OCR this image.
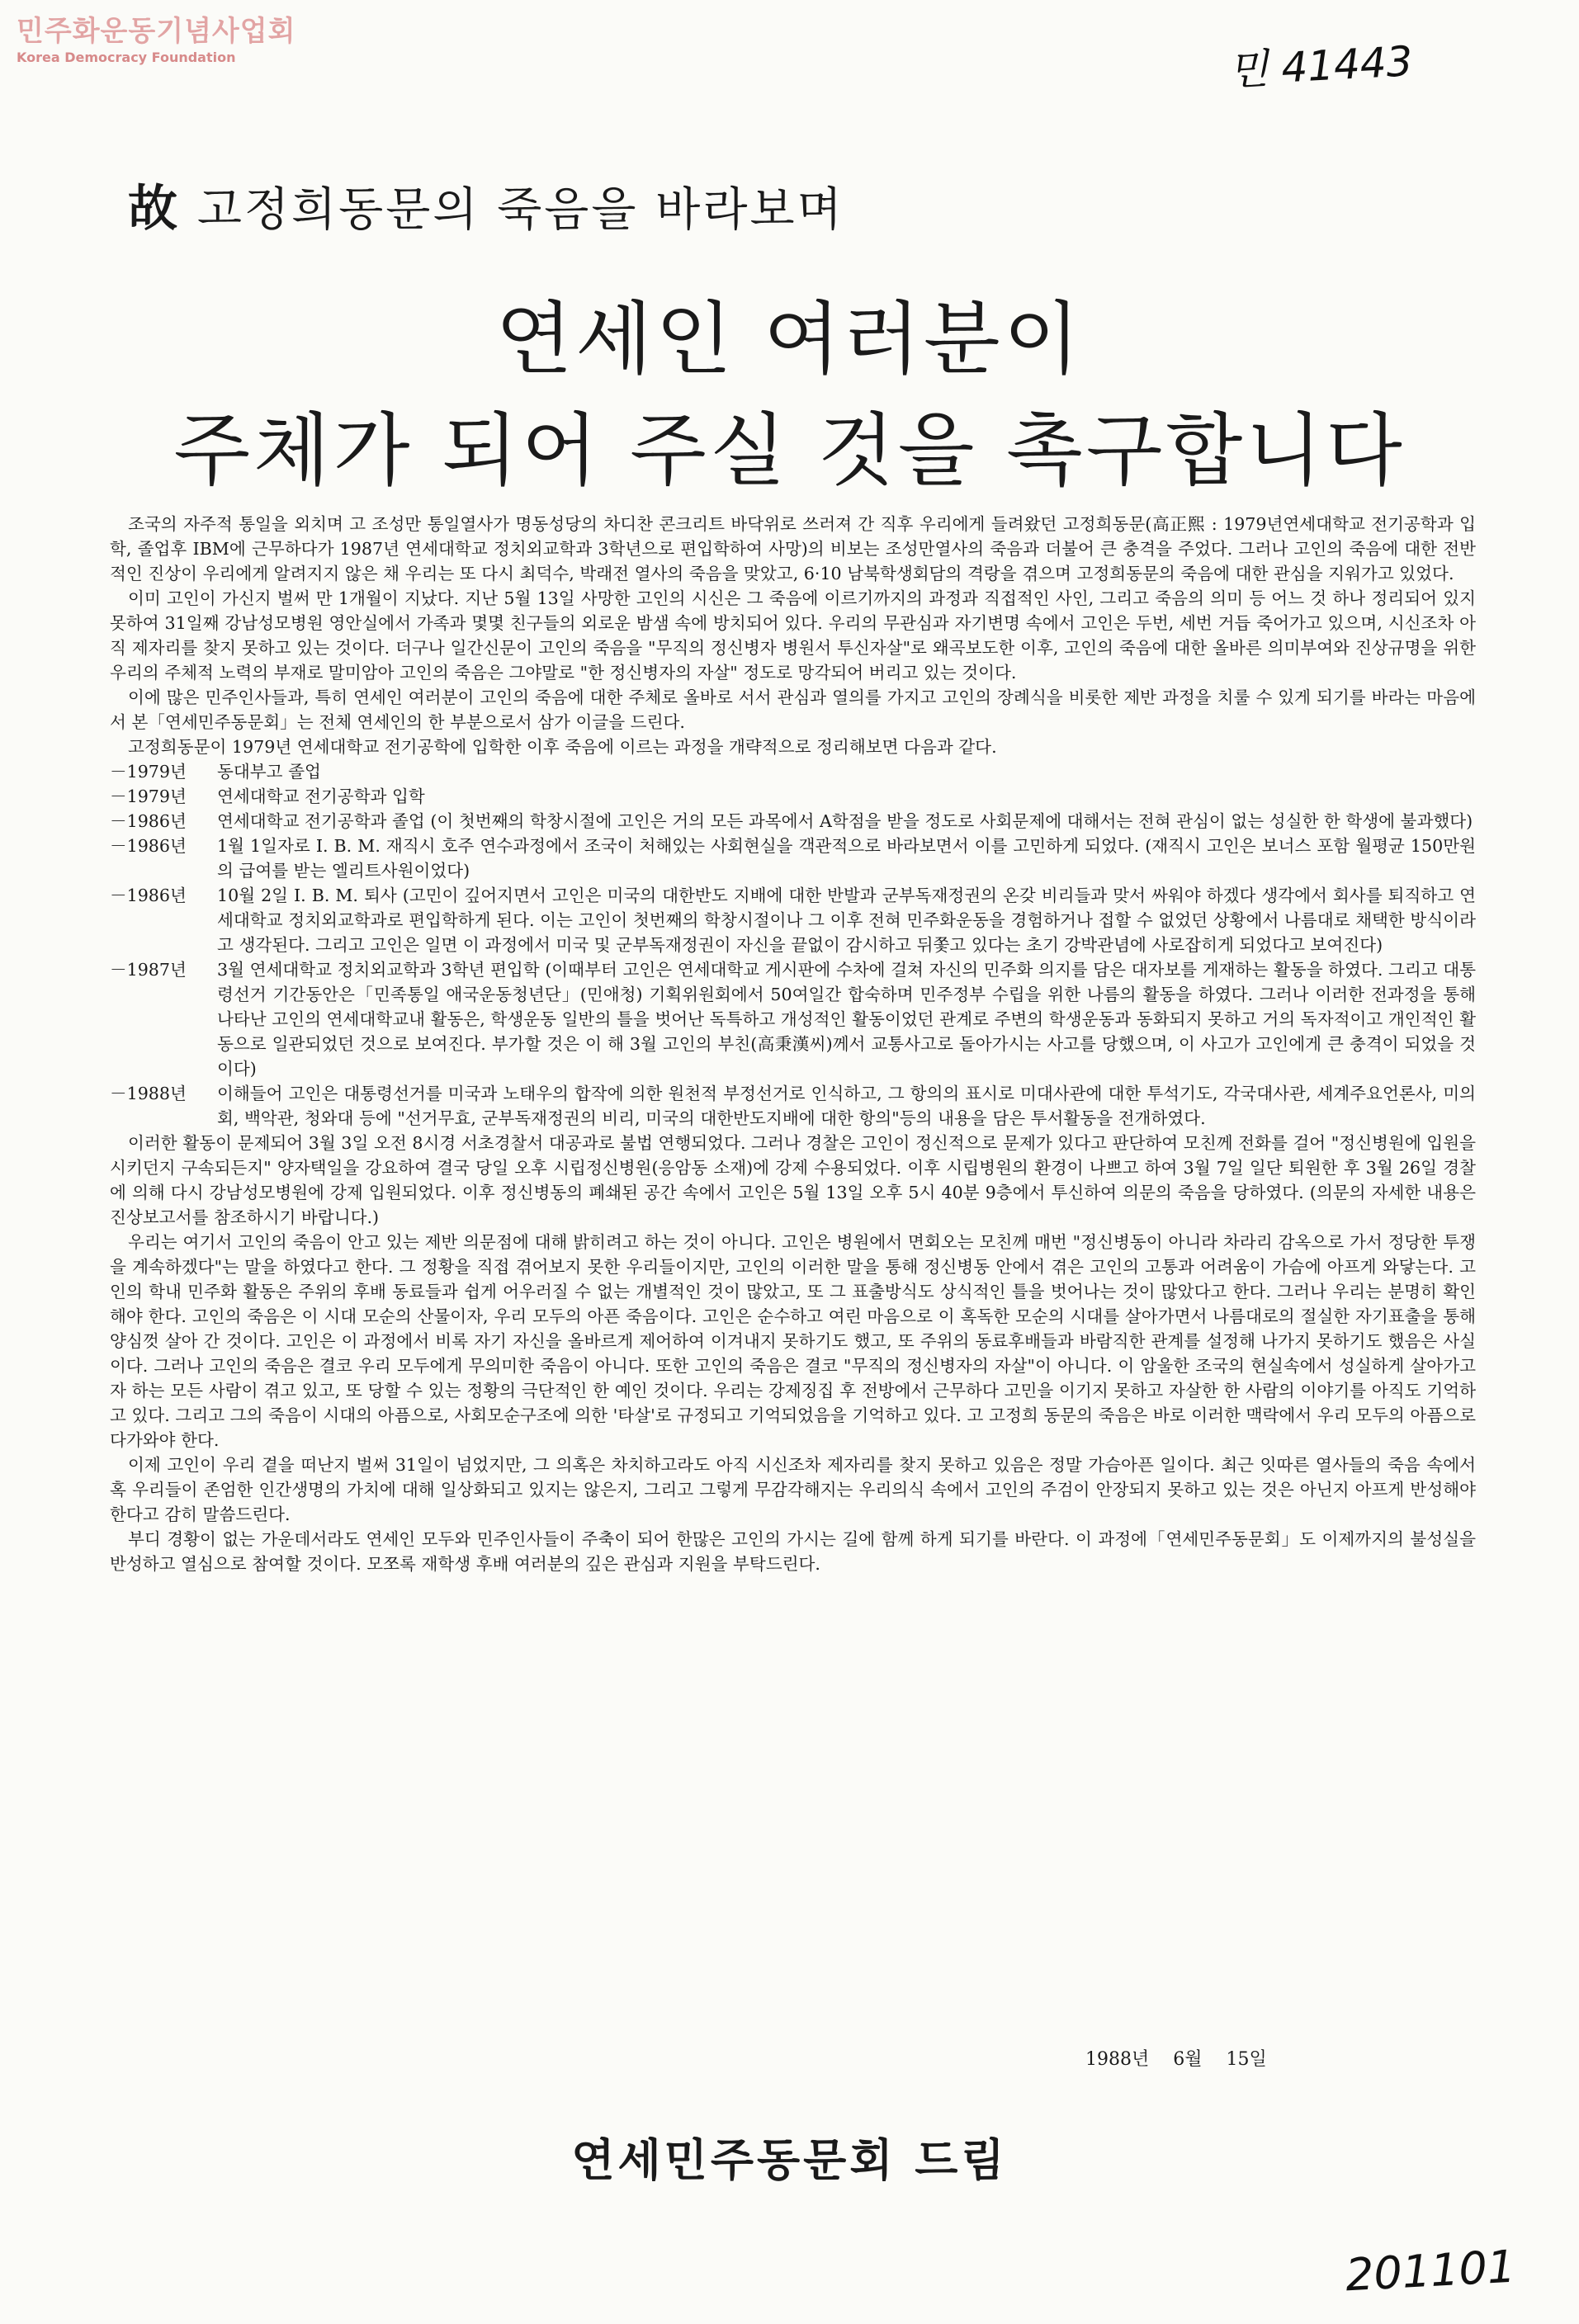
민주화운동기념사업회
Korea Democracy Foundation	민 41443
故 고정희동문의 죽음을 바라보며
연세인 여러분이
주체가 되어 주실 것을 촉구합니다

조국의 자주적 통일을 외치며 고 조성만 통일열사가 명동성당의 차디찬 콘크리트 바닥위로 쓰러져 간 직후 우리에게 들려왔던 고정희동문(高正熙 : 1979년연세대학교 전기공학과 입학, 졸업후 IBM에 근무하다가 1987년 연세대학교 정치외교학과 3학년으로 편입학하여 사망)의 비보는 조성만열사의 죽음과 더불어 큰 충격을 주었다. 그러나 고인의 죽음에 대한 전반적인 진상이 우리에게 알려지지 않은 채 우리는 또 다시 최덕수, 박래전 열사의 죽음을 맞았고, 6·10 남북학생회담의 격랑을 겪으며 고정희동문의 죽음에 대한 관심을 지워가고 있었다.

이미 고인이 가신지 벌써 만 1개월이 지났다. 지난 5월 13일 사망한 고인의 시신은 그 죽음에 이르기까지의 과정과 직접적인 사인, 그리고 죽음의 의미 등 어느 것 하나 정리되어 있지 못하여 31일째 강남성모병원 영안실에서 가족과 몇몇 친구들의 외로운 밤샘 속에 방치되어 있다. 우리의 무관심과 자기변명 속에서 고인은 두번, 세번 거듭 죽어가고 있으며, 시신조차 아직 제자리를 찾지 못하고 있는 것이다. 더구나 일간신문이 고인의 죽음을 "무직의 정신병자 병원서 투신자살"로 왜곡보도한 이후, 고인의 죽음에 대한 올바른 의미부여와 진상규명을 위한 우리의 주체적 노력의 부재로 말미암아 고인의 죽음은 그야말로 "한 정신병자의 자살" 정도로 망각되어 버리고 있는 것이다.

이에 많은 민주인사들과, 특히 연세인 여러분이 고인의 죽음에 대한 주체로 올바로 서서 관심과 열의를 가지고 고인의 장례식을 비롯한 제반 과정을 치룰 수 있게 되기를 바라는 마음에서 본「연세민주동문회」는 전체 연세인의 한 부분으로서 삼가 이글을 드린다.

고정희동문이 1979년 연세대학교 전기공학에 입학한 이후 죽음에 이르는 과정을 개략적으로 정리해보면 다음과 같다.

－1979년	동대부고 졸업
－1979년	연세대학교 전기공학과 입학
－1986년	연세대학교 전기공학과 졸업 (이 첫번째의 학창시절에 고인은 거의 모든 과목에서 A학점을 받을 정도로 사회문제에 대해서는 전혀 관심이 없는 성실한 한 학생에 불과했다)
－1986년	1월 1일자로 I. B. M. 재직시 호주 연수과정에서 조국이 처해있는 사회현실을 객관적으로 바라보면서 이를 고민하게 되었다. (재직시 고인은 보너스 포함 월평균 150만원의 급여를 받는 엘리트사원이었다)
－1986년	10월 2일 I. B. M. 퇴사 (고민이 깊어지면서 고인은 미국의 대한반도 지배에 대한 반발과 군부독재정권의 온갖 비리들과 맞서 싸워야 하겠다 생각에서 회사를 퇴직하고 연세대학교 정치외교학과로 편입학하게 된다. 이는 고인이 첫번째의 학창시절이나 그 이후 전혀 민주화운동을 경험하거나 접할 수 없었던 상황에서 나름대로 채택한 방식이라고 생각된다. 그리고 고인은 일면 이 과정에서 미국 및 군부독재정권이 자신을 끝없이 감시하고 뒤쫓고 있다는 초기 강박관념에 사로잡히게 되었다고 보여진다)
－1987년	3월 연세대학교 정치외교학과 3학년 편입학 (이때부터 고인은 연세대학교 게시판에 수차에 걸쳐 자신의 민주화 의지를 담은 대자보를 게재하는 활동을 하였다. 그리고 대통령선거 기간동안은「민족통일 애국운동청년단」(민애청) 기획위원회에서 50여일간 합숙하며 민주정부 수립을 위한 나름의 활동을 하였다. 그러나 이러한 전과정을 통해 나타난 고인의 연세대학교내 활동은, 학생운동 일반의 틀을 벗어난 독특하고 개성적인 활동이었던 관계로 주변의 학생운동과 동화되지 못하고 거의 독자적이고 개인적인 활동으로 일관되었던 것으로 보여진다. 부가할 것은 이 해 3월 고인의 부친(高秉漢씨)께서 교통사고로 돌아가시는 사고를 당했으며, 이 사고가 고인에게 큰 충격이 되었을 것이다)
－1988년	이해들어 고인은 대통령선거를 미국과 노태우의 합작에 의한 원천적 부정선거로 인식하고, 그 항의의 표시로 미대사관에 대한 투석기도, 각국대사관, 세계주요언론사, 미의회, 백악관, 청와대 등에 "선거무효, 군부독재정권의 비리, 미국의 대한반도지배에 대한 항의"등의 내용을 담은 투서활동을 전개하였다.

이러한 활동이 문제되어 3월 3일 오전 8시경 서초경찰서 대공과로 불법 연행되었다. 그러나 경찰은 고인이 정신적으로 문제가 있다고 판단하여 모친께 전화를 걸어 "정신병원에 입원을 시키던지 구속되든지" 양자택일을 강요하여 결국 당일 오후 시립정신병원(응암동 소재)에 강제 수용되었다. 이후 시립병원의 환경이 나쁘고 하여 3월 7일 일단 퇴원한 후 3월 26일 경찰에 의해 다시 강남성모병원에 강제 입원되었다. 이후 정신병동의 폐쇄된 공간 속에서 고인은 5월 13일 오후 5시 40분 9층에서 투신하여 의문의 죽음을 당하였다. (의문의 자세한 내용은 진상보고서를 참조하시기 바랍니다.)

우리는 여기서 고인의 죽음이 안고 있는 제반 의문점에 대해 밝히려고 하는 것이 아니다. 고인은 병원에서 면회오는 모친께 매번 "정신병동이 아니라 차라리 감옥으로 가서 정당한 투쟁을 계속하겠다"는 말을 하였다고 한다. 그 정황을 직접 겪어보지 못한 우리들이지만, 고인의 이러한 말을 통해 정신병동 안에서 겪은 고인의 고통과 어려움이 가슴에 아프게 와닿는다. 고인의 학내 민주화 활동은 주위의 후배 동료들과 쉽게 어우러질 수 없는 개별적인 것이 많았고, 또 그 표출방식도 상식적인 틀을 벗어나는 것이 많았다고 한다. 그러나 우리는 분명히 확인해야 한다. 고인의 죽음은 이 시대 모순의 산물이자, 우리 모두의 아픈 죽음이다. 고인은 순수하고 여린 마음으로 이 혹독한 모순의 시대를 살아가면서 나름대로의 절실한 자기표출을 통해 양심껏 살아 간 것이다. 고인은 이 과정에서 비록 자기 자신을 올바르게 제어하여 이겨내지 못하기도 했고, 또 주위의 동료후배들과 바람직한 관계를 설정해 나가지 못하기도 했음은 사실이다. 그러나 고인의 죽음은 결코 우리 모두에게 무의미한 죽음이 아니다. 또한 고인의 죽음은 결코 "무직의 정신병자의 자살"이 아니다. 이 암울한 조국의 현실속에서 성실하게 살아가고자 하는 모든 사람이 겪고 있고, 또 당할 수 있는 정황의 극단적인 한 예인 것이다. 우리는 강제징집 후 전방에서 근무하다 고민을 이기지 못하고 자살한 한 사람의 이야기를 아직도 기억하고 있다. 그리고 그의 죽음이 시대의 아픔으로, 사회모순구조에 의한 '타살'로 규정되고 기억되었음을 기억하고 있다. 고 고정희 동문의 죽음은 바로 이러한 맥락에서 우리 모두의 아픔으로 다가와야 한다.

이제 고인이 우리 곁을 떠난지 벌써 31일이 넘었지만, 그 의혹은 차치하고라도 아직 시신조차 제자리를 찾지 못하고 있음은 정말 가슴아픈 일이다. 최근 잇따른 열사들의 죽음 속에서 혹 우리들이 존엄한 인간생명의 가치에 대해 일상화되고 있지는 않은지, 그리고 그렇게 무감각해지는 우리의식 속에서 고인의 주검이 안장되지 못하고 있는 것은 아닌지 아프게 반성해야 한다고 감히 말씀드린다.

부디 경황이 없는 가운데서라도 연세인 모두와 민주인사들이 주축이 되어 한많은 고인의 가시는 길에 함께 하게 되기를 바란다. 이 과정에「연세민주동문회」도 이제까지의 불성실을 반성하고 열심으로 참여할 것이다. 모쪼록 재학생 후배 여러분의 깊은 관심과 지원을 부탁드린다.

1988년 6월 15일
연세민주동문회 드림
201101
